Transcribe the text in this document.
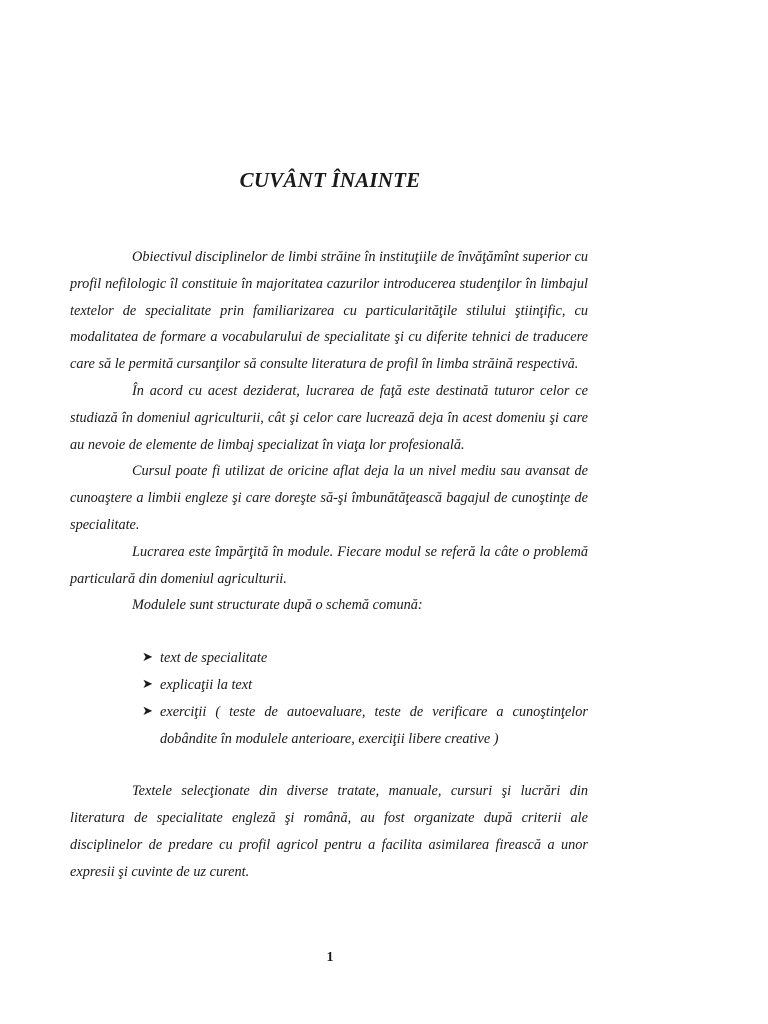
CUVÂNT ÎNAINTE

Obiectivul disciplinelor de limbi străine în instituţiile de învăţămînt superior cu profil nefilologic îl constituie în majoritatea cazurilor introducerea studenţilor în limbajul textelor de specialitate prin familiarizarea cu particularităţile stilului ştiinţific, cu modalitatea de formare a vocabularului de specialitate şi cu diferite tehnici de traducere care să le permită cursanţilor să consulte literatura de profil în limba străină respectivă.

În acord cu acest deziderat, lucrarea de faţă este destinată tuturor celor ce studiază în domeniul agriculturii, cât şi celor care lucrează deja în acest domeniu şi care au nevoie de elemente de limbaj specializat în viaţa lor profesională.

Cursul poate fi utilizat de oricine aflat deja la un nivel mediu sau avansat de cunoaştere a limbii engleze şi care doreşte să-şi îmbunătăţească bagajul de cunoştinţe de specialitate.

Lucrarea este împărţită în module. Fiecare modul se referă la câte o problemă particulară din domeniul agriculturii.

Modulele sunt structurate după o schemă comună:

➤ text de specialitate
➤ explicaţii la text
➤ exerciţii ( teste de autoevaluare, teste de verificare a cunoştinţelor dobândite în modulele anterioare, exerciţii libere creative )

Textele selecţionate din diverse tratate, manuale, cursuri şi lucrări din literatura de specialitate engleză şi română, au fost organizate după criterii ale disciplinelor de predare cu profil agricol pentru a facilita asimilarea firească a unor expresii şi cuvinte de uz curent.

1
